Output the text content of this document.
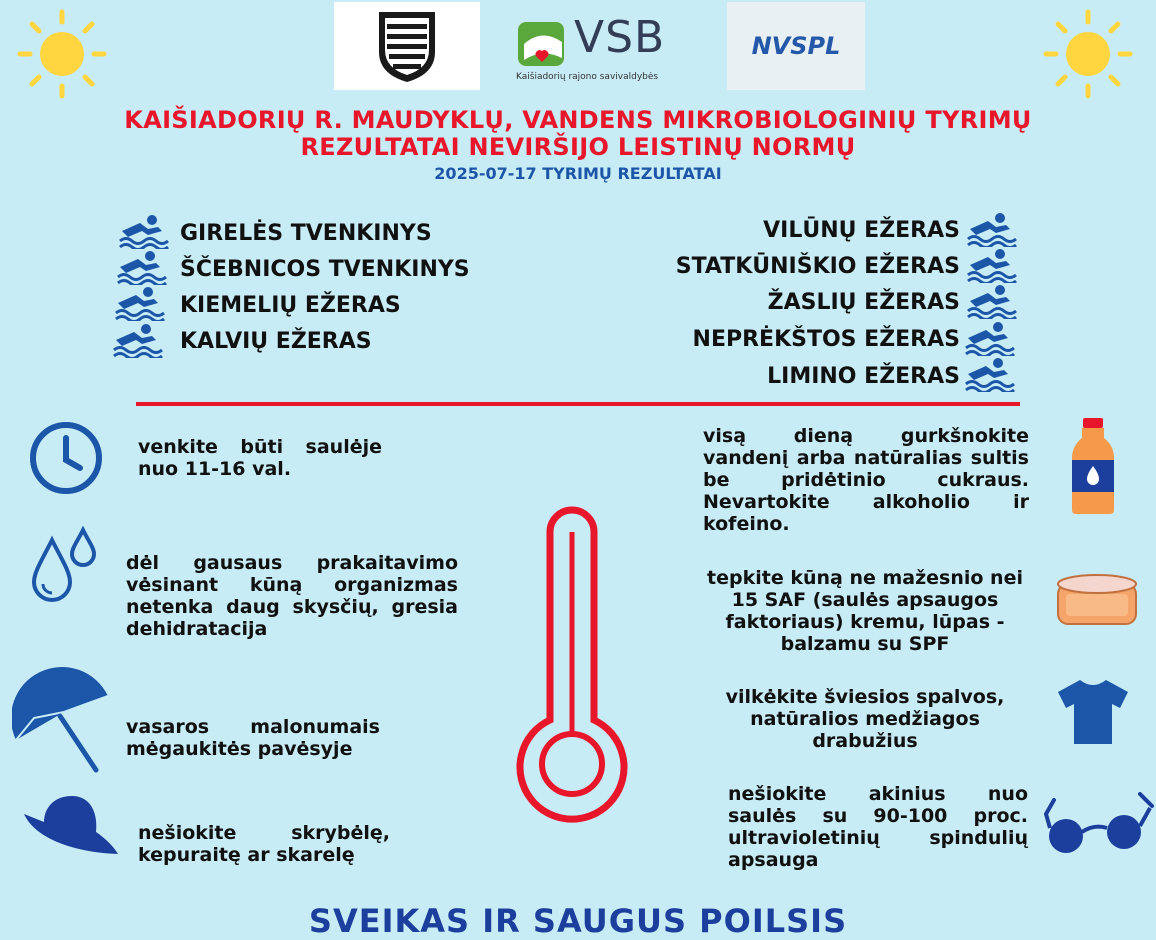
VSB
Kaišiadorių rajono savivaldybės
NVSPL
KAIŠIADORIŲ R. MAUDYKLŲ, VANDENS MIKROBIOLOGINIŲ TYRIMŲ
REZULTATAI NEVIRŠIJO LEISTINŲ NORMŲ
2025-07-17 TYRIMŲ REZULTATAI
GIRELĖS TVENKINYS
ŠČEBNICOS TVENKINYS
KIEMELIŲ EŽERAS
KALVIŲ EŽERAS
VILŪNŲ EŽERAS
STATKŪNIŠKIO EŽERAS
ŽASLIŲ EŽERAS
NEPRĖKŠTOS EŽERAS
LIMINO EŽERAS
venkite būti saulėje nuo 11-16 val.
dėl gausaus prakaitavimo vėsinant kūną organizmas netenka daug skysčių, gresia dehidratacija
vasaros malonumais mėgaukitės pavėsyje
nešiokite skrybėlę, kepuraitę ar skarelę
visą dieną gurkšnokite vandenį arba natūralias sultis be pridėtinio cukraus. Nevartokite alkoholio ir kofeino.
tepkite kūną ne mažesnio nei 15 SAF (saulės apsaugos faktoriaus) kremu, lūpas - balzamu su SPF
vilkėkite šviesios spalvos, natūralios medžiagos drabužius
nešiokite akinius nuo saulės su 90-100 proc. ultravioletinių spindulių apsauga
SVEIKAS IR SAUGUS POILSIS
